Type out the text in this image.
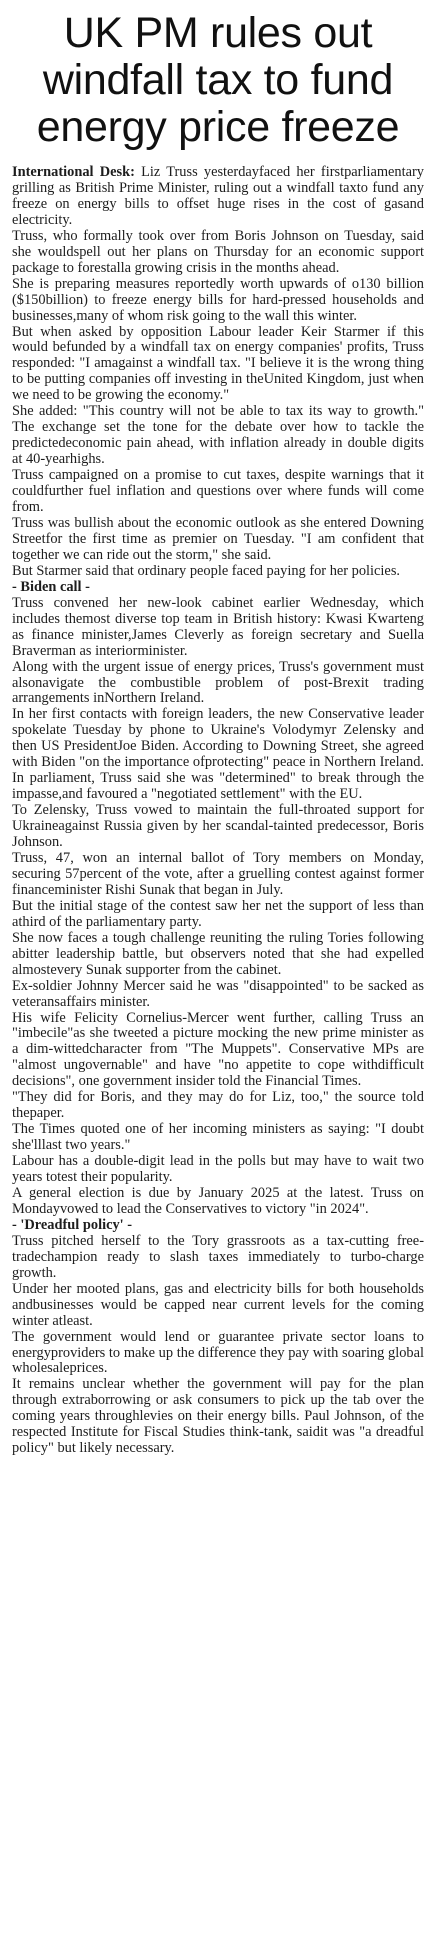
UK PM rules out windfall tax to fund energy price freeze

International Desk: Liz Truss yesterdayfaced her firstparliamentary grilling as British Prime Minister, ruling out a windfall taxto fund any freeze on energy bills to offset huge rises in the cost of gasand electricity.

Truss, who formally took over from Boris Johnson on Tuesday, said she wouldspell out her plans on Thursday for an economic support package to forestalla growing crisis in the months ahead.

She is preparing measures reportedly worth upwards of o130 billion ($150billion) to freeze energy bills for hard-pressed households and businesses,many of whom risk going to the wall this winter.

But when asked by opposition Labour leader Keir Starmer if this would befunded by a windfall tax on energy companies' profits, Truss responded: "I amagainst a windfall tax. "I believe it is the wrong thing to be putting companies off investing in theUnited Kingdom, just when we need to be growing the economy."

She added: "This country will not be able to tax its way to growth." The exchange set the tone for the debate over how to tackle the predictedeconomic pain ahead, with inflation already in double digits at 40-yearhighs.

Truss campaigned on a promise to cut taxes, despite warnings that it couldfurther fuel inflation and questions over where funds will come from.

Truss was bullish about the economic outlook as she entered Downing Streetfor the first time as premier on Tuesday. "I am confident that together we can ride out the storm," she said.

But Starmer said that ordinary people faced paying for her policies.

- Biden call -

Truss convened her new-look cabinet earlier Wednesday, which includes themost diverse top team in British history: Kwasi Kwarteng as finance minister,James Cleverly as foreign secretary and Suella Braverman as interiorminister.

Along with the urgent issue of energy prices, Truss's government must alsonavigate the combustible problem of post-Brexit trading arrangements inNorthern Ireland.

In her first contacts with foreign leaders, the new Conservative leader spokelate Tuesday by phone to Ukraine's Volodymyr Zelensky and then US PresidentJoe Biden. According to Downing Street, she agreed with Biden "on the importance ofprotecting" peace in Northern Ireland. In parliament, Truss said she was "determined" to break through the impasse,and favoured a "negotiated settlement" with the EU.

To Zelensky, Truss vowed to maintain the full-throated support for Ukraineagainst Russia given by her scandal-tainted predecessor, Boris Johnson.

Truss, 47, won an internal ballot of Tory members on Monday, securing 57percent of the vote, after a gruelling contest against former financeminister Rishi Sunak that began in July.

But the initial stage of the contest saw her net the support of less than athird of the parliamentary party.

She now faces a tough challenge reuniting the ruling Tories following abitter leadership battle, but observers noted that she had expelled almostevery Sunak supporter from the cabinet.

Ex-soldier Johnny Mercer said he was "disappointed" to be sacked as veteransaffairs minister.

His wife Felicity Cornelius-Mercer went further, calling Truss an "imbecile"as she tweeted a picture mocking the new prime minister as a dim-wittedcharacter from "The Muppets". Conservative MPs are "almost ungovernable" and have "no appetite to cope withdifficult decisions", one government insider told the Financial Times.

"They did for Boris, and they may do for Liz, too," the source told thepaper.

The Times quoted one of her incoming ministers as saying: "I doubt she'lllast two years."

Labour has a double-digit lead in the polls but may have to wait two years totest their popularity.

A general election is due by January 2025 at the latest. Truss on Mondayvowed to lead the Conservatives to victory "in 2024".

- 'Dreadful policy' -

Truss pitched herself to the Tory grassroots as a tax-cutting free-tradechampion ready to slash taxes immediately to turbo-charge growth.

Under her mooted plans, gas and electricity bills for both households andbusinesses would be capped near current levels for the coming winter atleast.

The government would lend or guarantee private sector loans to energyproviders to make up the difference they pay with soaring global wholesaleprices.

It remains unclear whether the government will pay for the plan through extraborrowing or ask consumers to pick up the tab over the coming years throughlevies on their energy bills. Paul Johnson, of the respected Institute for Fiscal Studies think-tank, saidit was "a dreadful policy" but likely necessary.
